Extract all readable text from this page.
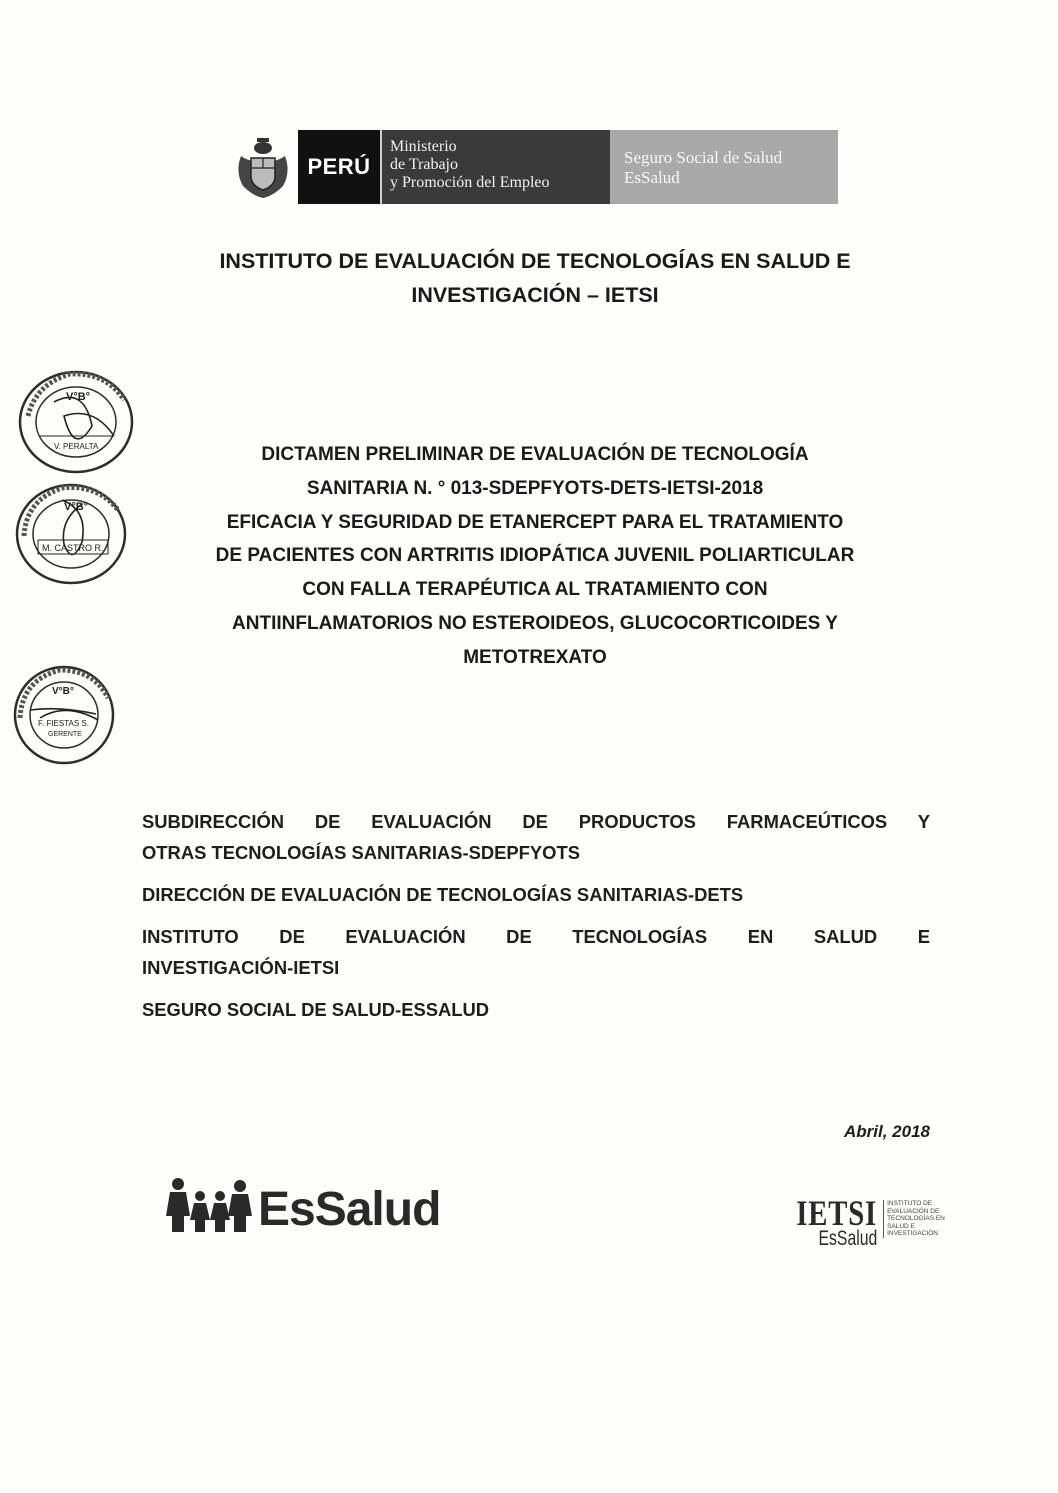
PERÚ
Ministerio
de Trabajo
y Promoción del Empleo
Seguro Social de Salud
EsSalud
INSTITUTO DE EVALUACIÓN DE TECNOLOGÍAS EN SALUD E
INVESTIGACIÓN – IETSI
V°B°
V. PERALTA
V°B°
M. CASTRO R.
V°B°
F. FIESTAS S.
GERENTE
DICTAMEN PRELIMINAR DE EVALUACIÓN DE TECNOLOGÍA
SANITARIA N. ° 013-SDEPFYOTS-DETS-IETSI-2018
EFICACIA Y SEGURIDAD DE ETANERCEPT PARA EL TRATAMIENTO
DE PACIENTES CON ARTRITIS IDIOPÁTICA JUVENIL POLIARTICULAR
CON FALLA TERAPÉUTICA AL TRATAMIENTO CON
ANTIINFLAMATORIOS NO ESTEROIDEOS, GLUCOCORTICOIDES Y
METOTREXATO
SUBDIRECCIÓN DE EVALUACIÓN DE PRODUCTOS FARMACEÚTICOS Y
OTRAS TECNOLOGÍAS SANITARIAS-SDEPFYOTS
DIRECCIÓN DE EVALUACIÓN DE TECNOLOGÍAS SANITARIAS-DETS
INSTITUTO DE EVALUACIÓN DE TECNOLOGÍAS EN SALUD E
INVESTIGACIÓN-IETSI
SEGURO SOCIAL DE SALUD-ESSALUD
Abril, 2018
EsSalud	IETSI
EsSalud
INSTITUTO DE
EVALUACIÓN DE
TECNOLOGÍAS EN
SALUD E
INVESTIGACIÓN
